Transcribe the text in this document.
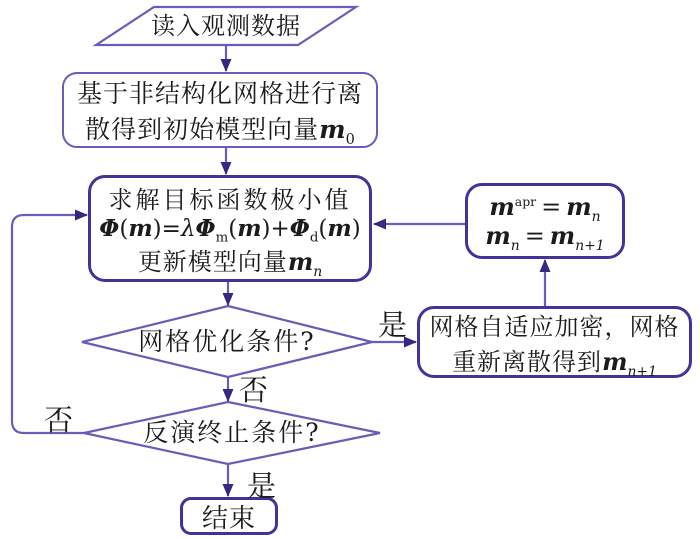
读入观测数据
基于非结构化网格进行离
散得到初始模型向量$m_0$
求解目标函数极小值
$\Phi(m)=\lambda\Phi_m(m)+\Phi_d(m)$
更新模型向量$m_n$
$m^{apr} = m_n$
$m_n = m_{n+1}$
网格优化条件?	网格自适应加密，网格
重新离散得到$m_{n+1}$
反演终止条件?
结束
是
否
否
是
